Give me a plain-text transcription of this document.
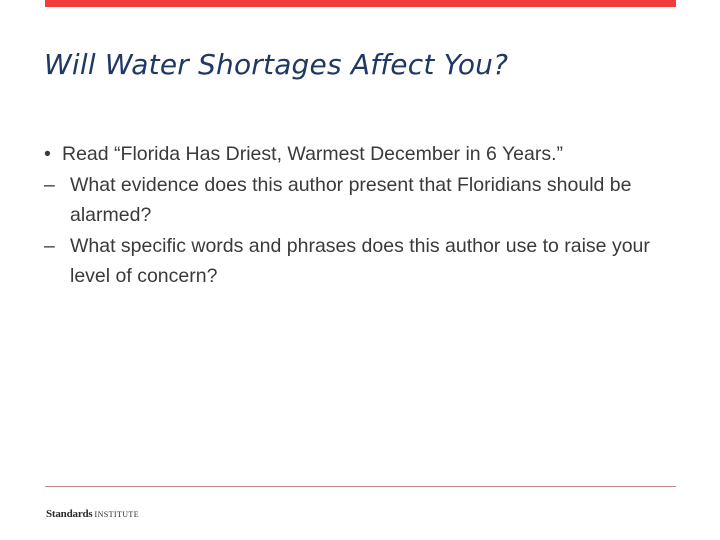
Will Water Shortages Affect You?
• Read “Florida Has Driest, Warmest December in 6 Years.”
– What evidence does this author present that Floridians should be alarmed?
– What specific words and phrases does this author use to raise your level of concern?
Standards INSTITUTE
